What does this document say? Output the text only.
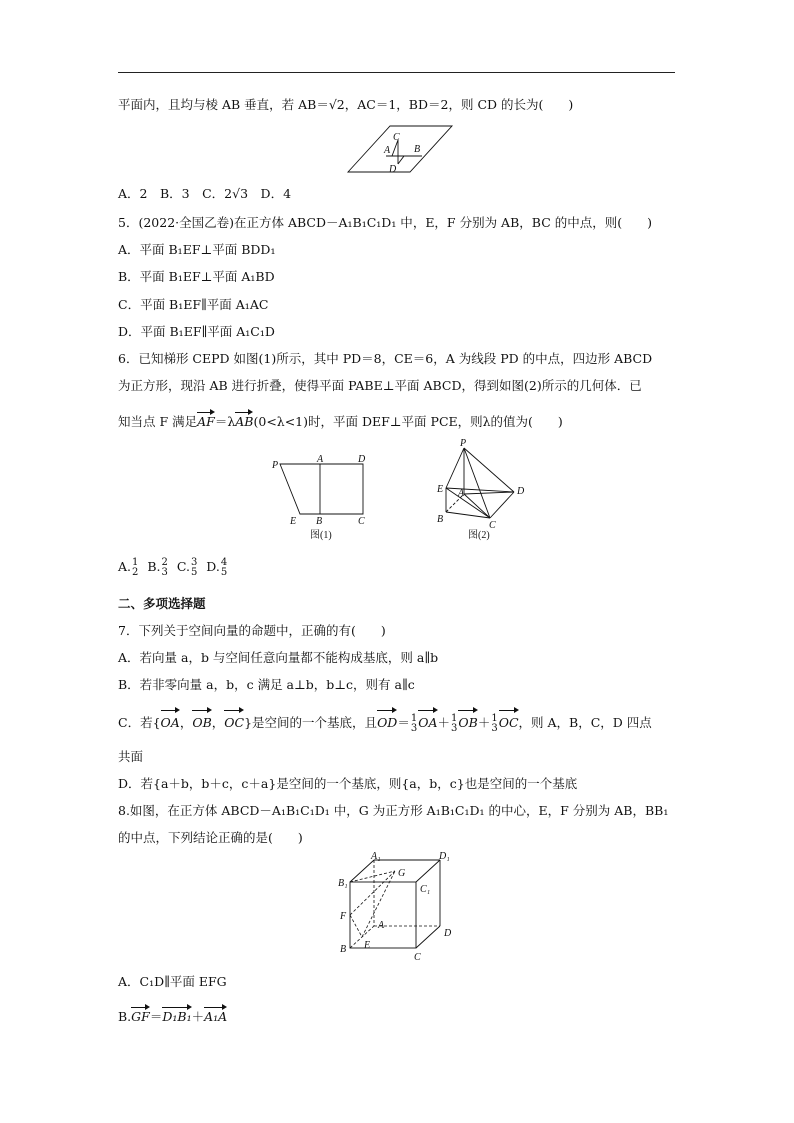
平面内，且均与棱 AB 垂直，若 AB＝√2，AC＝1，BD＝2，则 CD 的长为(　　)
C
A B
D
A．2　B．3　C．2√3　D．4
5．(2022·全国乙卷)在正方体 ABCD－A₁B₁C₁D₁ 中，E，F 分别为 AB，BC 的中点，则(　　)
A．平面 B₁EF⊥平面 BDD₁
B．平面 B₁EF⊥平面 A₁BD
C．平面 B₁EF∥平面 A₁AC
D．平面 B₁EF∥平面 A₁C₁D
6．已知梯形 CEPD 如图(1)所示，其中 PD＝8，CE＝6，A 为线段 PD 的中点，四边形 ABCD
为正方形，现沿 AB 进行折叠，使得平面 PABE⊥平面 ABCD，得到如图(2)所示的几何体．已
知当点 F 满足AF＝λAB(0<λ<1)时，平面 DEF⊥平面 PCE，则λ的值为(　　)
P
A	D
E B	C
图(1)
P
E A	D
B
C
图(2)
A. 1
2 B. 2
3 C. 3
5 D. 4
5
二、多项选择题
7．下列关于空间向量的命题中，正确的有(　　)
A．若向量 a，b 与空间任意向量都不能构成基底，则 a∥b
B．若非零向量 a，b，c 满足 a⊥b，b⊥c，则有 a∥c
C．若{OA，OB，OC}是空间的一个基底，且OD＝ 1
3 OA＋ 1
3 OB＋ 1
3 OC，则 A，B，C，D 四点
共面
D．若{a＋b，b＋c，c＋a}是空间的一个基底，则{a，b，c}也是空间的一个基底
8.如图，在正方体 ABCD－A₁B₁C₁D₁ 中，G 为正方形 A₁B₁C₁D₁ 的中心，E，F 分别为 AB，BB₁
的中点，下列结论正确的是(　　)
A₁	D₁
B₁
G
C₁
F
A
D
B E
C
A．C₁D∥平面 EFG
B.GF＝D₁B₁＋A₁A
